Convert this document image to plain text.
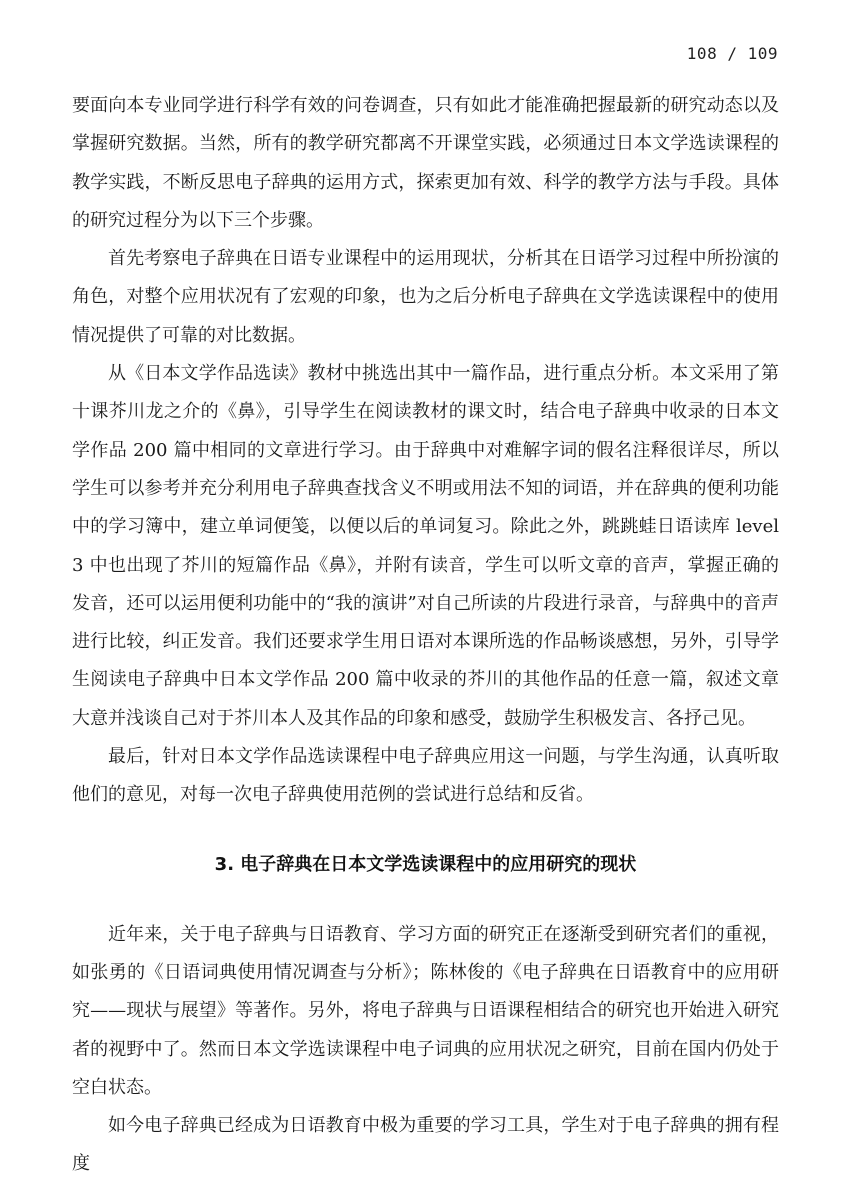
108 / 109

要面向本专业同学进行科学有效的问卷调查，只有如此才能准确把握最新的研究动态以及掌握研究数据。当然，所有的教学研究都离不开课堂实践，必须通过日本文学选读课程的教学实践，不断反思电子辞典的运用方式，探索更加有效、科学的教学方法与手段。具体的研究过程分为以下三个步骤。

首先考察电子辞典在日语专业课程中的运用现状，分析其在日语学习过程中所扮演的角色，对整个应用状况有了宏观的印象，也为之后分析电子辞典在文学选读课程中的使用情况提供了可靠的对比数据。

从《日本文学作品选读》教材中挑选出其中一篇作品，进行重点分析。本文采用了第十课芥川龙之介的《鼻》，引导学生在阅读教材的课文时，结合电子辞典中收录的日本文学作品 200 篇中相同的文章进行学习。由于辞典中对难解字词的假名注释很详尽，所以学生可以参考并充分利用电子辞典查找含义不明或用法不知的词语，并在辞典的便利功能中的学习簿中，建立单词便笺，以便以后的单词复习。除此之外，跳跳蛙日语读库 level 3 中也出现了芥川的短篇作品《鼻》，并附有读音，学生可以听文章的音声，掌握正确的发音，还可以运用便利功能中的“我的演讲”对自己所读的片段进行录音，与辞典中的音声进行比较，纠正发音。我们还要求学生用日语对本课所选的作品畅谈感想，另外，引导学生阅读电子辞典中日本文学作品 200 篇中收录的芥川的其他作品的任意一篇，叙述文章大意并浅谈自己对于芥川本人及其作品的印象和感受，鼓励学生积极发言、各抒己见。

最后，针对日本文学作品选读课程中电子辞典应用这一问题，与学生沟通，认真听取他们的意见，对每一次电子辞典使用范例的尝试进行总结和反省。

3. 电子辞典在日本文学选读课程中的应用研究的现状

近年来，关于电子辞典与日语教育、学习方面的研究正在逐渐受到研究者们的重视，如张勇的《日语词典使用情况调查与分析》；陈林俊的《电子辞典在日语教育中的应用研究——现状与展望》等著作。另外，将电子辞典与日语课程相结合的研究也开始进入研究者的视野中了。然而日本文学选读课程中电子词典的应用状况之研究，目前在国内仍处于空白状态。

如今电子辞典已经成为日语教育中极为重要的学习工具，学生对于电子辞典的拥有程度
